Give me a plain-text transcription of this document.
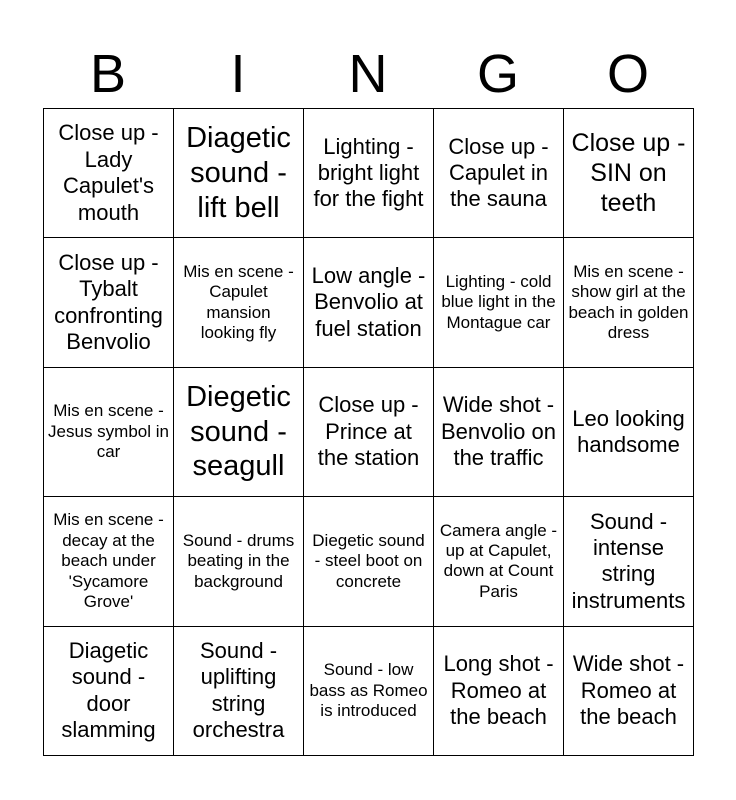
B	I	N	G	O
Close up - Lady Capulet's mouth	Diagetic sound - lift bell	Lighting - bright light for the fight	Close up - Capulet in the sauna	Close up - SIN on teeth
Close up - Tybalt confronting Benvolio	Mis en scene - Capulet mansion looking fly	Low angle - Benvolio at fuel station	Lighting - cold blue light in the Montague car	Mis en scene - show girl at the beach in golden dress
Mis en scene - Jesus symbol in car	Diegetic sound - seagull	Close up - Prince at the station	Wide shot - Benvolio on the traffic	Leo looking handsome
Mis en scene - decay at the beach under 'Sycamore Grove'	Sound - drums beating in the background	Diegetic sound - steel boot on concrete	Camera angle - up at Capulet, down at Count Paris	Sound - intense string instruments
Diagetic sound - door slamming	Sound - uplifting string orchestra	Sound - low bass as Romeo is introduced	Long shot - Romeo at the beach	Wide shot - Romeo at the beach
